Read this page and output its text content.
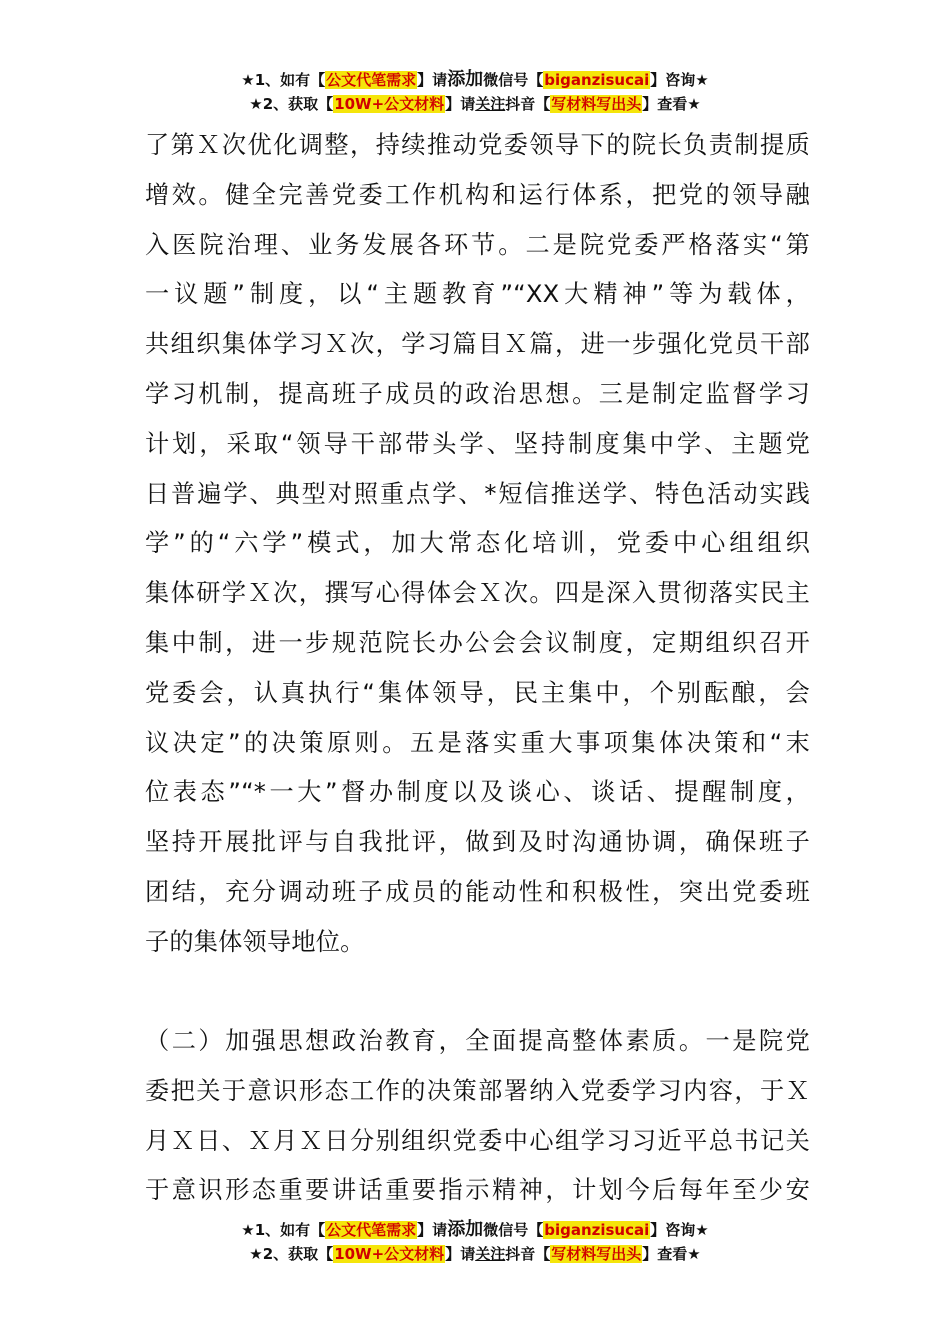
★1、如有【公文代笔需求】请添加微信号【biganzisucai】咨询★
★2、获取【10W+公文材料】请关注抖音【写材料写出头】查看★
了第Ｘ次优化调整，持续推动党委领导下的院长负责制提质
增效。健全完善党委工作机构和运行体系，把党的领导融
入医院治理、业务发展各环节。二是院党委严格落实“第
一议题”制度，以“主题教育”“XX大精神”等为载体，
共组织集体学习Ｘ次，学习篇目Ｘ篇，进一步强化党员干部
学习机制，提高班子成员的政治思想。三是制定监督学习
计划，采取“领导干部带头学、坚持制度集中学、主题党
日普遍学、典型对照重点学、*短信推送学、特色活动实践
学”的“六学”模式，加大常态化培训，党委中心组组织
集体研学Ｘ次，撰写心得体会Ｘ次。四是深入贯彻落实民主
集中制，进一步规范院长办公会会议制度，定期组织召开
党委会，认真执行“集体领导，民主集中，个别酝酿，会
议决定”的决策原则。五是落实重大事项集体决策和“末
位表态”“*一大”督办制度以及谈心、谈话、提醒制度，
坚持开展批评与自我批评，做到及时沟通协调，确保班子
团结，充分调动班子成员的能动性和积极性，突出党委班
子的集体领导地位。
（二）加强思想政治教育，全面提高整体素质。一是院党
委把关于意识形态工作的决策部署纳入党委学习内容，于Ｘ
月Ｘ日、Ｘ月Ｘ日分别组织党委中心组学习习近平总书记关
于意识形态重要讲话重要指示精神，计划今后每年至少安
★1、如有【公文代笔需求】请添加微信号【biganzisucai】咨询★
★2、获取【10W+公文材料】请关注抖音【写材料写出头】查看★
